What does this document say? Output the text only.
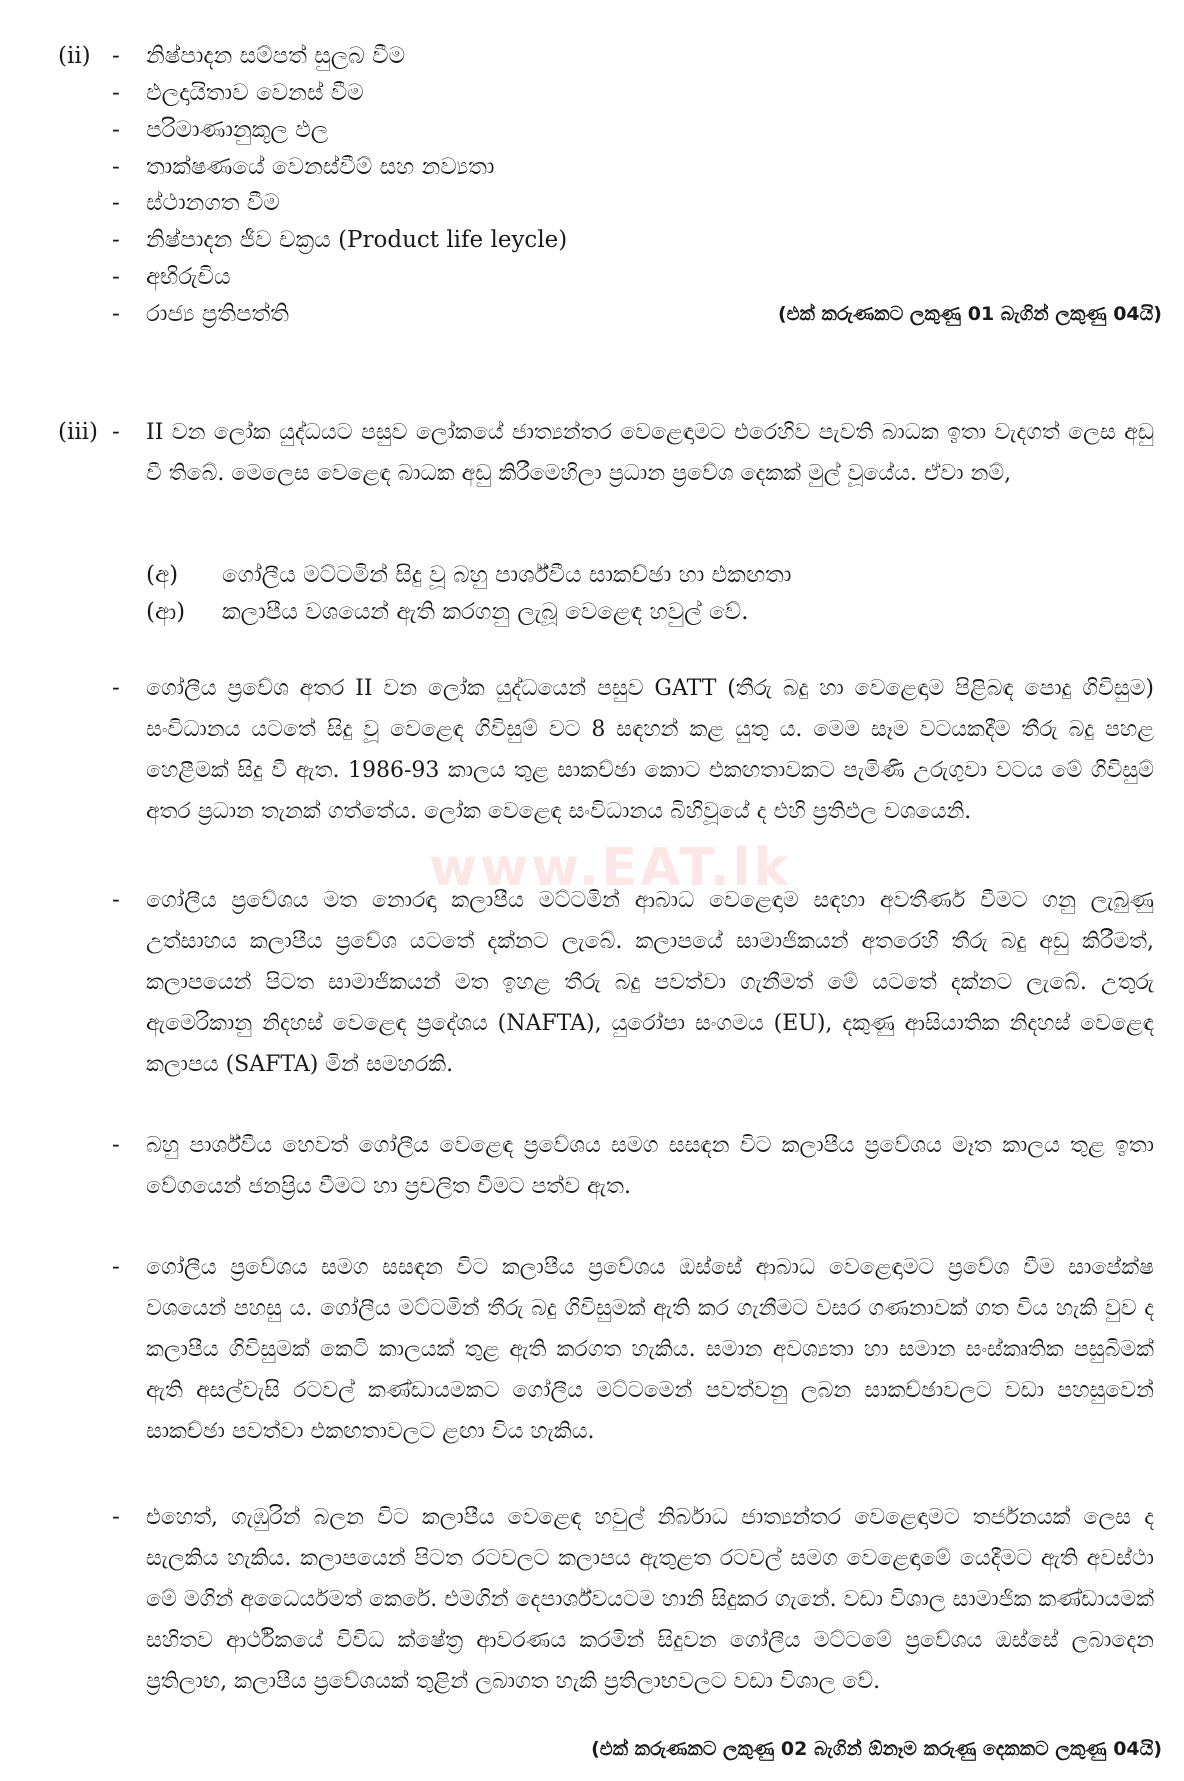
www.EAT.lk
(ii) - නිෂ්පාදන සම්පත් සුලබ වීම
- ඵලදායිතාව වෙනස් වීම
- පරිමාණානුකූල ඵල
- තාක්ෂණයේ වෙනස්වීම් සහ නව්‍යතා
- ස්ථානගත වීම
- නිෂ්පාදන ජීව චක්‍රය (Product life leycle)
- අභිරුචිය
- රාජ්‍ය ප්‍රතිපත්ති	(එක් කරුණකට ලකුණු 01 බැගින් ලකුණු 04යි)
(iii) - II වන ලෝක යුද්ධයට පසුව ලෝකයේ ජාත්‍යන්තර වෙළෙඳාමට එරෙහිව පැවති බාධක ඉතා වැදගත් ලෙස අඩු වී තිබේ. මෙලෙස වෙළෙඳ බාධක අඩු කිරීමෙහිලා ප්‍රධාන ප්‍රවේශ දෙකක් මුල් වූයේය. ඒවා නම්,
(අ) ගෝලීය මට්ටමින් සිදු වූ බහු පාර්ශ්වීය සාකච්ඡා හා එකඟතා
(ආ) කලාපීය වශයෙන් ඇති කරගනු ලැබූ වෙළෙඳ හවුල් වේ.
- ගෝලීය ප්‍රවේශ අතර II වන ලෝක යුද්ධයෙන් පසුව GATT (තීරු බදු හා වෙළෙඳාම පිළිබඳ පොදු ගිවිසුම) සංවිධානය යටතේ සිදු වූ වෙළෙඳ ගිවිසුම් වට 8 සඳහන් කළ යුතු ය. මෙම සෑම වටයකදීම තීරු බදු පහළ හෙළීමක් සිදු වී ඇත. 1986-93 කාලය තුළ සාකච්ඡා කොට එකඟතාවකට පැමිණි උරුගුවා වටය මේ ගිවිසුම් අතර ප්‍රධාන තැනක් ගත්තේය. ලෝක වෙළෙඳ සංවිධානය බිහිවූයේ ද එහි ප්‍රතිඵල වශයෙනි.
- ගෝලීය ප්‍රවේශය මත නොරඳා කලාපීය මට්ටමින් ආබාධ වෙළෙඳාම සඳහා අවතීර්ණ වීමට ගනු ලැබුණු උත්සාහය කලාපීය ප්‍රවේශ යටතේ දක්නට ලැබේ. කලාපයේ සාමාජිකයන් අතරෙහි තීරු බදු අඩු කිරීමත්, කලාපයෙන් පිටත සාමාජිකයන් මත ඉහළ තීරු බදු පවත්වා ගැනීමත් මේ යටතේ දක්නට ලැබේ. උතුරු ඇමෙරිකානු නිදහස් වෙළෙඳ ප්‍රදේශය (NAFTA), යුරෝපා සංගමය (EU), දකුණු ආසියාතික නිදහස් වෙළෙඳ කලාපය (SAFTA) මින් සමහරකි.
- බහු පාර්ශ්වීය හෙවත් ගෝලීය වෙළෙඳ ප්‍රවේශය සමග සසඳන විට කලාපීය ප්‍රවේශය මෑත කාලය තුළ ඉතා වේගයෙන් ජනප්‍රිය වීමට හා ප්‍රචලිත වීමට පත්ව ඇත.
- ගෝලීය ප්‍රවේශය සමග සසඳන විට කලාපීය ප්‍රවේශය ඔස්සේ ආබාධ වෙළෙඳාමට ප්‍රවේශ වීම සාපේක්ෂ වශයෙන් පහසු ය. ගෝලීය මට්ටමින් තීරු බදු ගිවිසුමක් ඇති කර ගැනීමට වසර ගණනාවක් ගත විය හැකි වුව ද කලාපීය ගිවිසුමක් කෙටි කාලයක් තුළ ඇති කරගත හැකිය. සමාන අවශ්‍යතා හා සමාන සංස්කෘතික පසුබිමක් ඇති අසල්වැසි රටවල් කණ්ඩායමකට ගෝලීය මට්ටමෙන් පවත්වනු ලබන සාකච්ඡාවලට වඩා පහසුවෙන් සාකච්ඡා පවත්වා එකඟතාවලට ළඟා විය හැකිය.
- එහෙත්, ගැඹුරින් බලන විට කලාපීය වෙළෙඳ හවුල් නිර්බාධ ජාත්‍යන්තර වෙළෙඳාමට තර්ජනයක් ලෙස ද සැලකිය හැකිය. කලාපයෙන් පිටත රටවලට කලාපය ඇතුළත රටවල් සමග වෙළෙඳාමේ යෙදීමට ඇති අවස්ථා මේ මගින් අධෛර්යමත් කෙරේ. එමගින් දෙපාර්ශ්වයටම හානි සිදුකර ගැනේ. වඩා විශාල සාමාජික කණ්ඩායමක් සහිතව ආර්ථිකයේ විවිධ ක්ෂේත්‍ර ආවරණය කරමින් සිදුවන ගෝලීය මට්ටමේ ප්‍රවේශය ඔස්සේ ලබාදෙන ප්‍රතිලාභ, කලාපීය ප්‍රවේශයක් තුළින් ලබාගත හැකි ප්‍රතිලාභවලට වඩා විශාල වේ.
(එක් කරුණකට ලකුණු 02 බැගින් ඕනෑම කරුණු දෙකකට ලකුණු 04යි)
